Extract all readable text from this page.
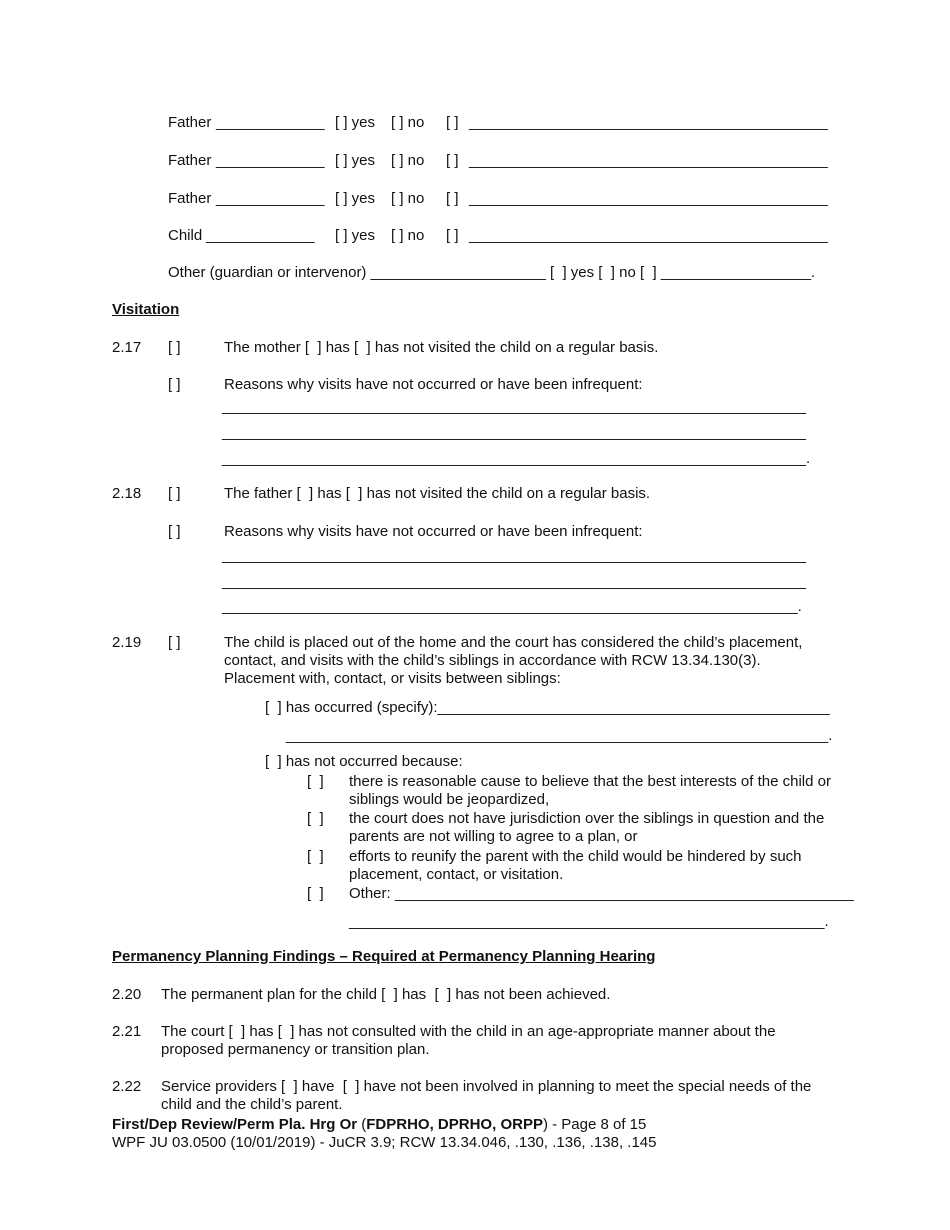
Father _____________ [ ] yes [ ] no [ ] ___________________________________________
Father _____________ [ ] yes [ ] no [ ] ___________________________________________
Father _____________ [ ] yes [ ] no [ ] ___________________________________________
Child _____________ [ ] yes [ ] no [ ] ___________________________________________
Other (guardian or intervenor) _____________________ [  ] yes [  ] no [  ] __________________.
Visitation
2.17 [ ]	The mother [  ] has [  ] has not visited the child on a regular basis.
[ ]	Reasons why visits have not occurred or have been infrequent:
______________________________________________________________________
______________________________________________________________________
______________________________________________________________________.
2.18 [ ]	The father [  ] has [  ] has not visited the child on a regular basis.
[ ]	Reasons why visits have not occurred or have been infrequent:
______________________________________________________________________
______________________________________________________________________
_____________________________________________________________________.
2.19 [ ]	The child is placed out of the home and the court has considered the child’s placement,
contact, and visits with the child’s siblings in accordance with RCW 13.34.130(3).
Placement with, contact, or visits between siblings:
[  ] has occurred (specify):_______________________________________________
_________________________________________________________________.
[  ] has not occurred because:
[  ] there is reasonable cause to believe that the best interests of the child or
siblings would be jeopardized,
[  ] the court does not have jurisdiction over the siblings in question and the
parents are not willing to agree to a plan, or
[  ] efforts to reunify the parent with the child would be hindered by such
placement, contact, or visitation.
[  ] Other: _______________________________________________________
_________________________________________________________.
Permanency Planning Findings – Required at Permanency Planning Hearing
2.20 The permanent plan for the child [  ] has  [  ] has not been achieved.
2.21 The court [  ] has [  ] has not consulted with the child in an age-appropriate manner about the
proposed permanency or transition plan.
2.22 Service providers [  ] have  [  ] have not been involved in planning to meet the special needs of the
child and the child’s parent.
First/Dep Review/Perm Pla. Hrg Or (FDPRHO, DPRHO, ORPP) - Page 8 of 15
WPF JU 03.0500 (10/01/2019) - JuCR 3.9; RCW 13.34.046, .130, .136, .138, .145
